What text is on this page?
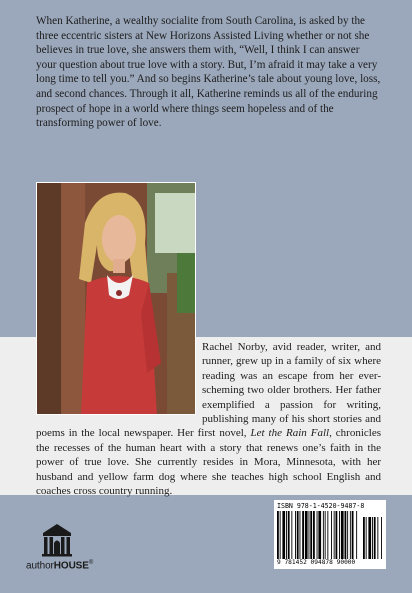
When Katherine, a wealthy socialite from South Carolina, is asked by the three eccentric sisters at New Horizons Assisted Living whether or not she believes in true love, she answers them with, “Well, I think I can answer your question about true love with a story. But, I’m afraid it may take a very long time to tell you.” And so begins Katherine’s tale about young love, loss, and second chances. Through it all, Katherine reminds us all of the enduring prospect of hope in a world where things seem hopeless and of the transforming power of love.

Rachel Norby, avid reader, writer, and runner, grew up in a family of six where reading was an escape from her ever-scheming two older brothers. Her father exemplified a passion for writing, publishing many of his short stories and poems in the local newspaper. Her first novel, Let the Rain Fall, chronicles the recesses of the human heart with a story that renews one’s faith in the power of true love. She currently resides in Mora, Minnesota, with her husband and yellow farm dog where she teaches high school English and coaches cross country running.

authorHOUSE®
ISBN 978-1-4520-9487-8
9 781452 094878 90000
